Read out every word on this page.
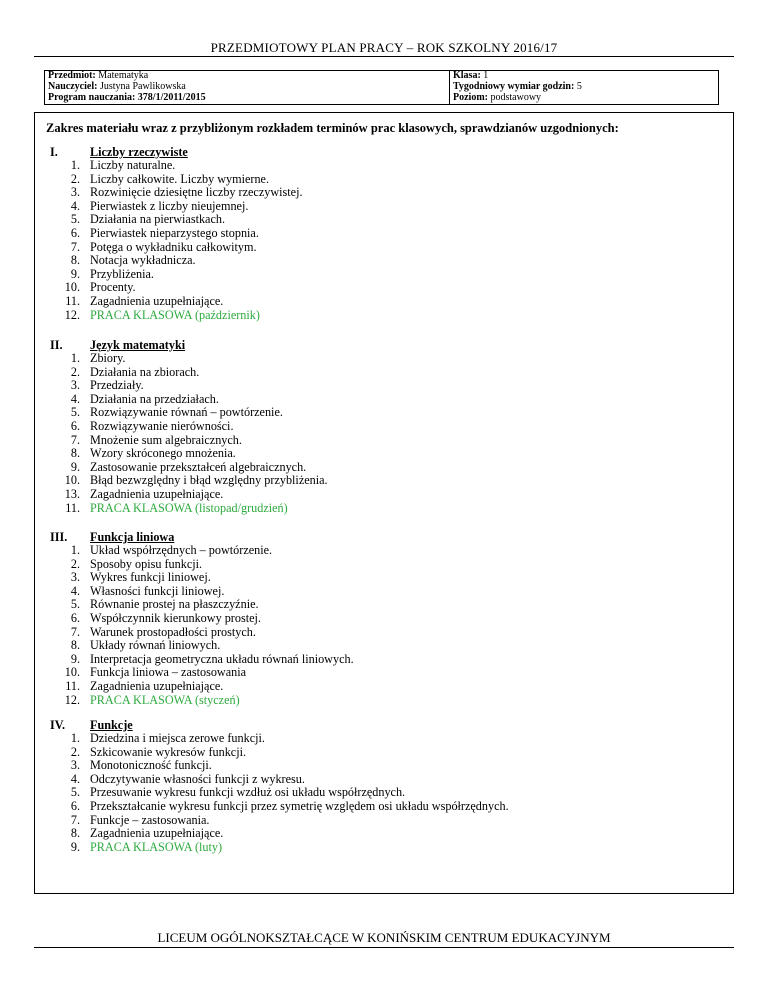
PRZEDMIOTOWY PLAN PRACY – ROK SZKOLNY 2016/17
Przedmiot: Matematyka
Nauczyciel: Justyna Pawlikowska
Program nauczania: 378/1/2011/2015

Klasa: 1
Tygodniowy wymiar godzin: 5
Poziom: podstawowy
Zakres materiału wraz z przybliżonym rozkładem terminów prac klasowych, sprawdzianów uzgodnionych:
I.	Liczby rzeczywiste
1. Liczby naturalne.
2. Liczby całkowite. Liczby wymierne.
3. Rozwinięcie dziesiętne liczby rzeczywistej.
4. Pierwiastek z liczby nieujemnej.
5. Działania na pierwiastkach.
6. Pierwiastek nieparzystego stopnia.
7. Potęga o wykładniku całkowitym.
8. Notacja wykładnicza.
9. Przybliżenia.
10. Procenty.
11. Zagadnienia uzupełniające.
12. PRACA KLASOWA (październik)
II.	Język matematyki
1. Zbiory.
2. Działania na zbiorach.
3. Przedziały.
4. Działania na przedziałach.
5. Rozwiązywanie równań – powtórzenie.
6. Rozwiązywanie nierówności.
7. Mnożenie sum algebraicznych.
8. Wzory skróconego mnożenia.
9. Zastosowanie przekształceń algebraicznych.
10. Błąd bezwzględny i błąd względny przybliżenia.
13. Zagadnienia uzupełniające.
11. PRACA KLASOWA (listopad/grudzień)
III.	Funkcja liniowa
1. Układ współrzędnych – powtórzenie.
2. Sposoby opisu funkcji.
3. Wykres funkcji liniowej.
4. Własności funkcji liniowej.
5. Równanie prostej na płaszczyźnie.
6. Współczynnik kierunkowy prostej.
7. Warunek prostopadłości prostych.
8. Układy równań liniowych.
9. Interpretacja geometryczna układu równań liniowych.
10. Funkcja liniowa – zastosowania
11. Zagadnienia uzupełniające.
12. PRACA KLASOWA (styczeń)
IV.	Funkcje
1. Dziedzina i miejsca zerowe funkcji.
2. Szkicowanie wykresów funkcji.
3. Monotoniczność funkcji.
4. Odczytywanie własności funkcji z wykresu.
5. Przesuwanie wykresu funkcji wzdłuż osi układu współrzędnych.
6. Przekształcanie wykresu funkcji przez symetrię względem osi układu współrzędnych.
7. Funkcje – zastosowania.
8. Zagadnienia uzupełniające.
9. PRACA KLASOWA (luty)
LICEUM OGÓLNOKSZTAŁCĄCE W KONIŃSKIM CENTRUM EDUKACYJNYM
